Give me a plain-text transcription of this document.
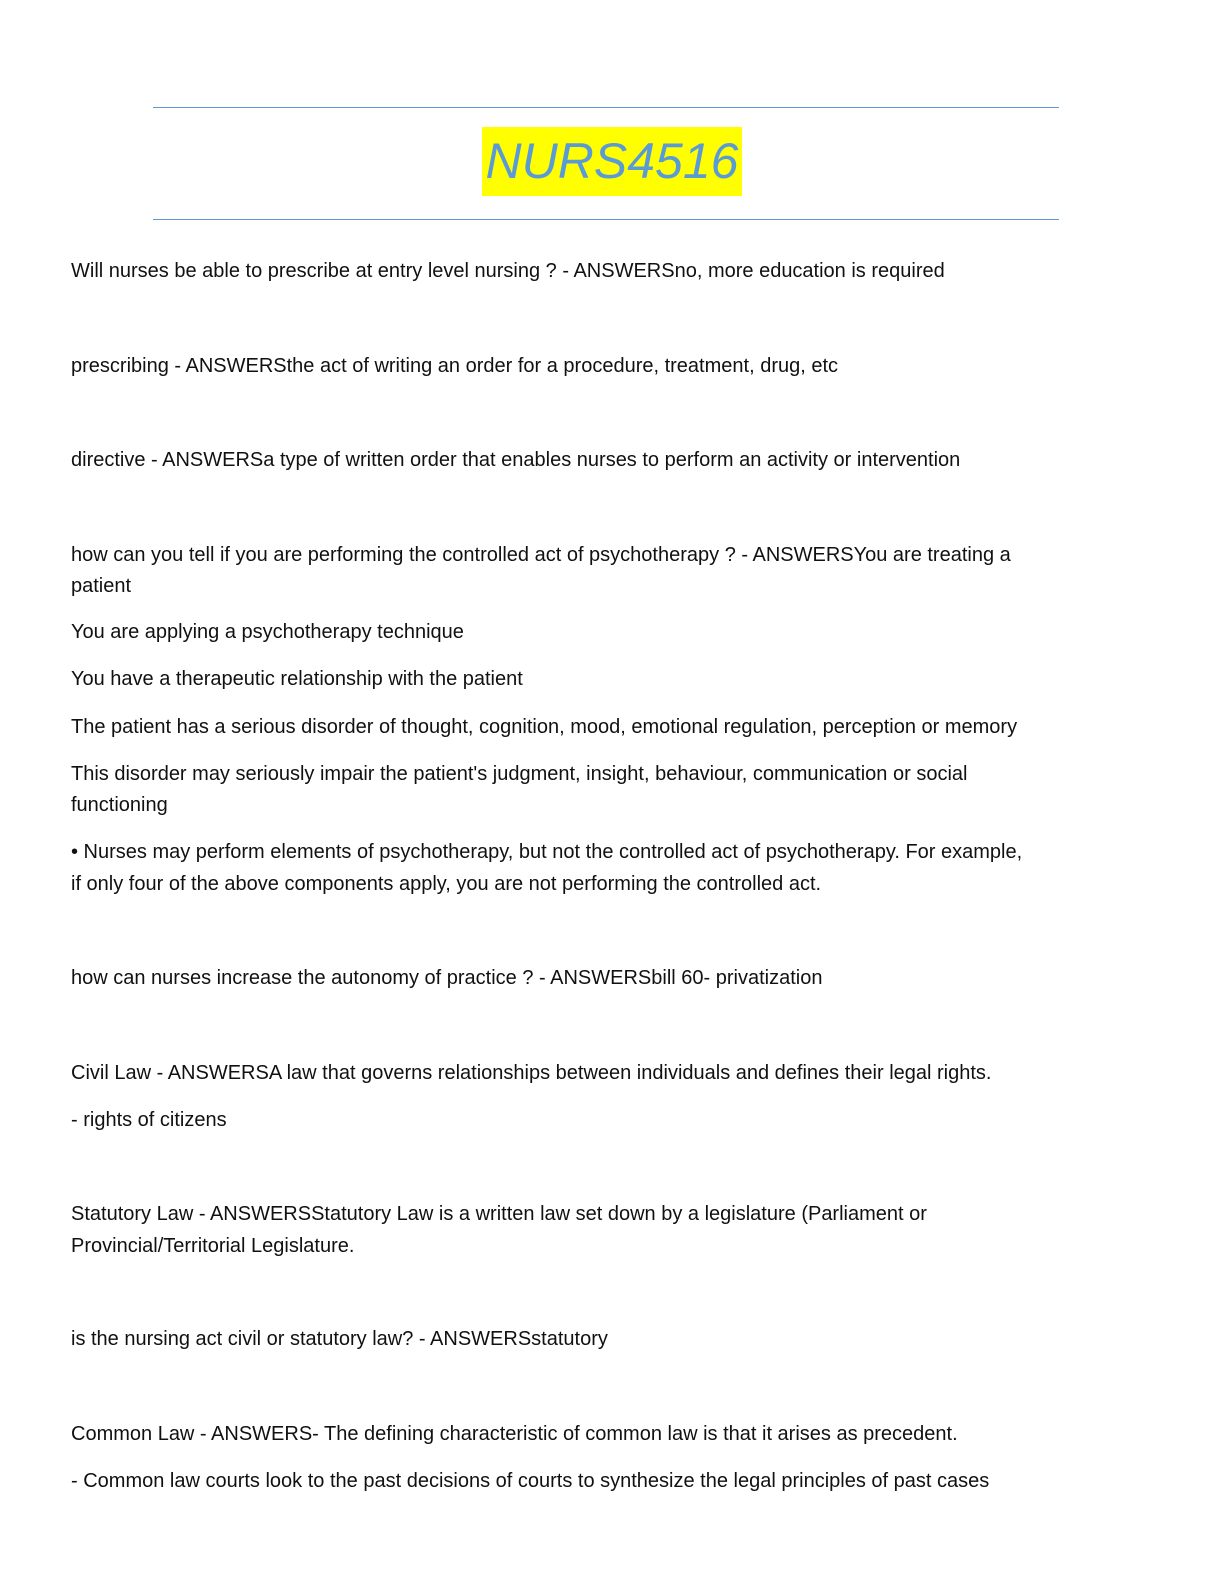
NURS4516
Will nurses be able to prescribe at entry level nursing ? - ANSWERSno, more education is required
prescribing - ANSWERSthe act of writing an order for a procedure, treatment, drug, etc
directive - ANSWERSa type of written order that enables nurses to perform an activity or intervention
how can you tell if you are performing the controlled act of psychotherapy ? - ANSWERSYou are treating a
patient
You are applying a psychotherapy technique
You have a therapeutic relationship with the patient
The patient has a serious disorder of thought, cognition, mood, emotional regulation, perception or memory
This disorder may seriously impair the patient's judgment, insight, behaviour, communication or social
functioning
• Nurses may perform elements of psychotherapy, but not the controlled act of psychotherapy. For example,
if only four of the above components apply, you are not performing the controlled act.
how can nurses increase the autonomy of practice ? - ANSWERSbill 60- privatization
Civil Law - ANSWERSA law that governs relationships between individuals and defines their legal rights.
- rights of citizens
Statutory Law - ANSWERSStatutory Law is a written law set down by a legislature (Parliament or
Provincial/Territorial Legislature.
is the nursing act civil or statutory law? - ANSWERSstatutory
Common Law - ANSWERS- The defining characteristic of common law is that it arises as precedent.
- Common law courts look to the past decisions of courts to synthesize the legal principles of past cases
